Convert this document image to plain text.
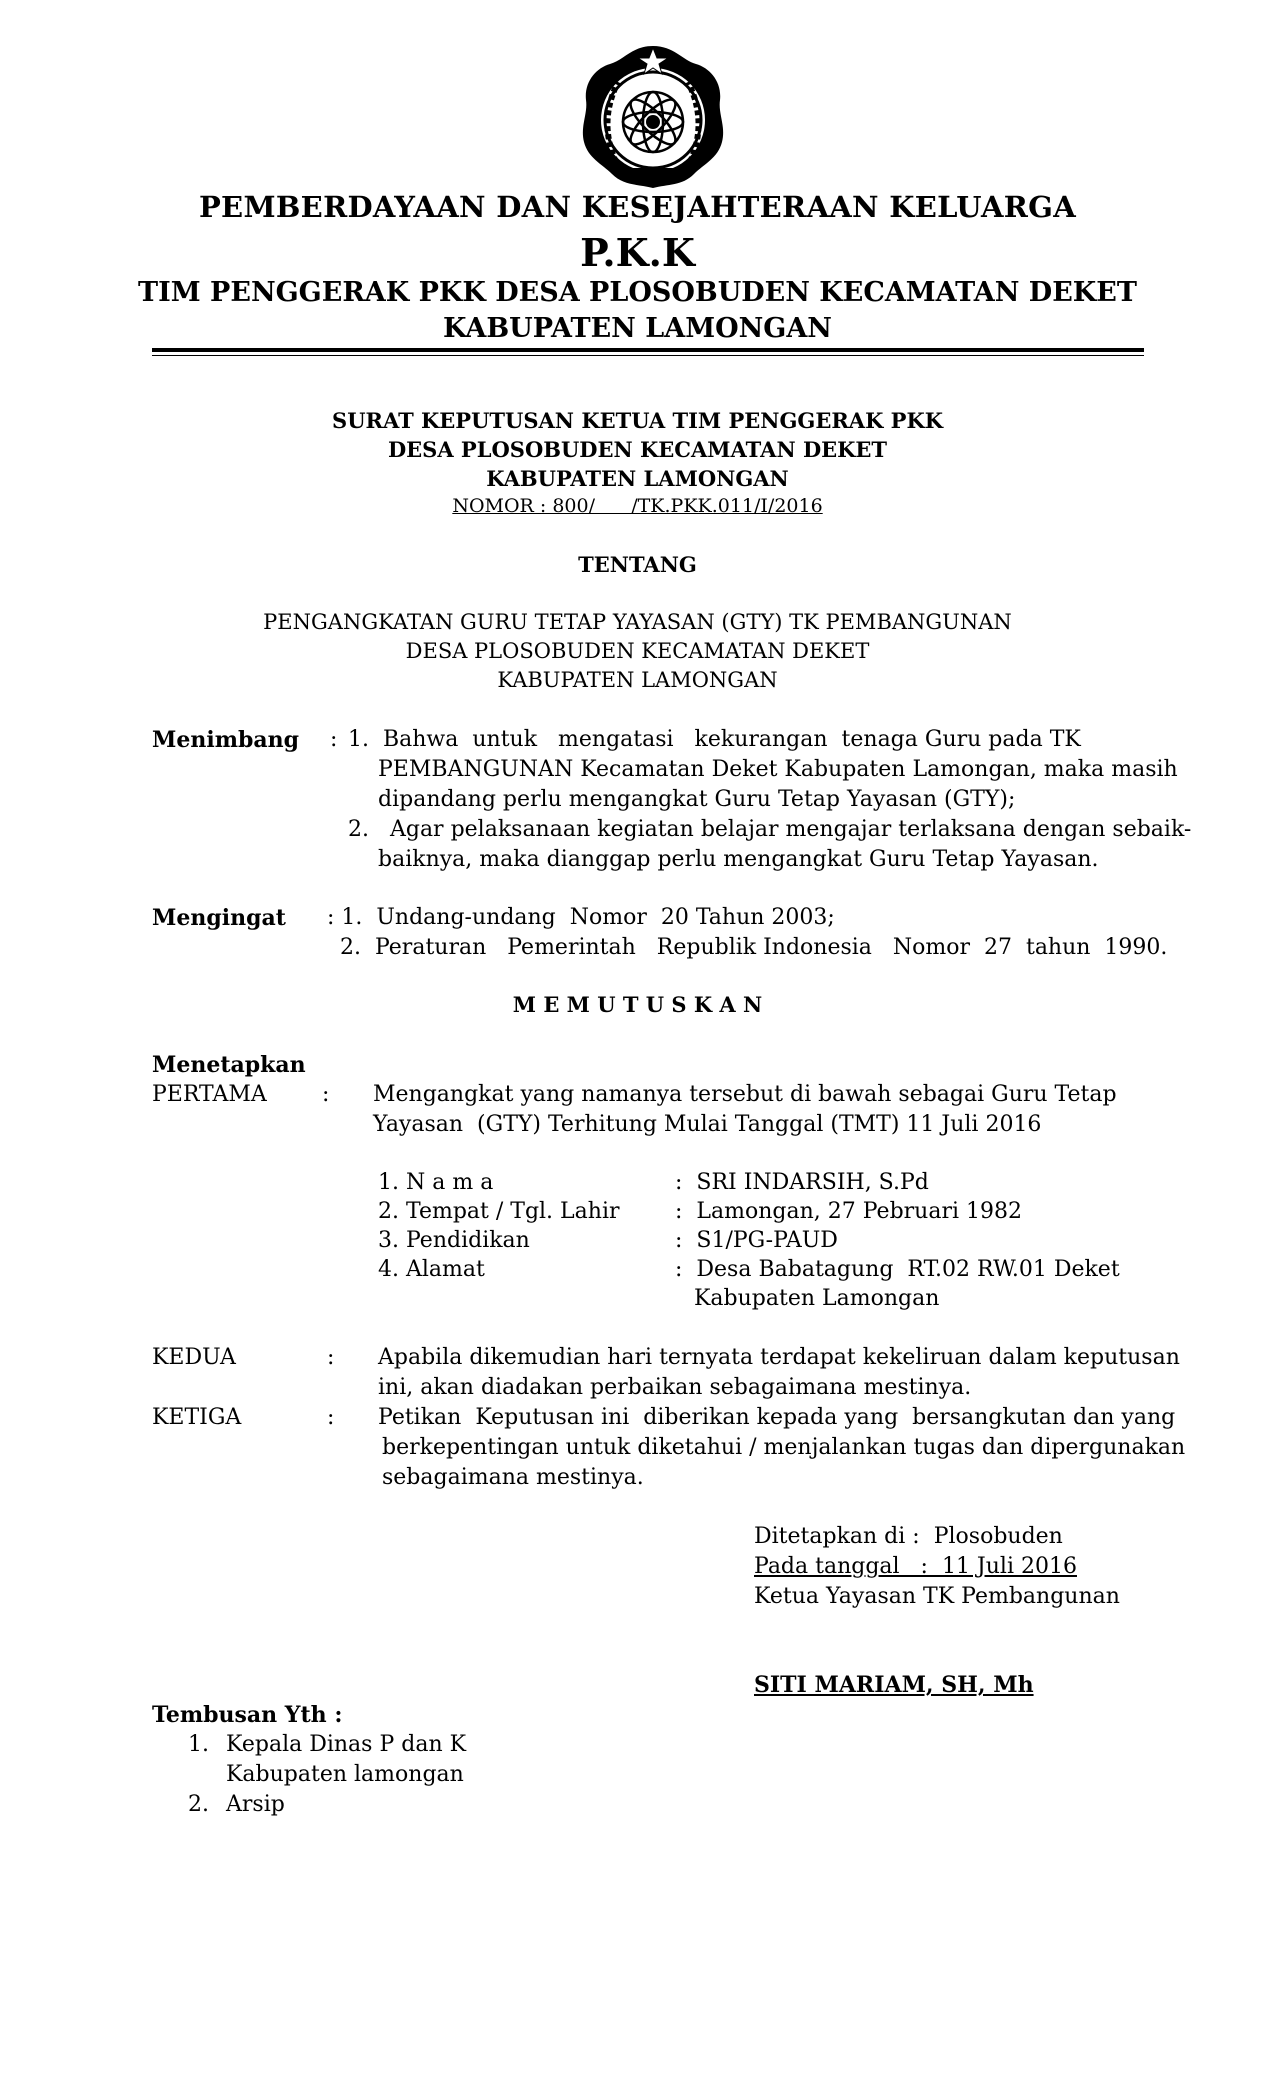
PEMBERDAYAAN DAN KESEJAHTERAAN KELUARGA
P.K.K
TIM PENGGERAK PKK DESA PLOSOBUDEN KECAMATAN DEKET
KABUPATEN LAMONGAN
SURAT KEPUTUSAN KETUA TIM PENGGERAK PKK
DESA PLOSOBUDEN KECAMATAN DEKET
KABUPATEN LAMONGAN
NOMOR : 800/      /TK.PKK.011/I/2016
TENTANG
PENGANGKATAN GURU TETAP YAYASAN (GTY) TK PEMBANGUNAN
DESA PLOSOBUDEN KECAMATAN DEKET
KABUPATEN LAMONGAN
Menimbang : 1.  Bahwa  untuk   mengatasi   kekurangan  tenaga Guru pada TK
PEMBANGUNAN Kecamatan Deket Kabupaten Lamongan, maka masih
dipandang perlu mengangkat Guru Tetap Yayasan (GTY);
2.   Agar pelaksanaan kegiatan belajar mengajar terlaksana dengan sebaik-
baiknya, maka dianggap perlu mengangkat Guru Tetap Yayasan.
Mengingat : 1.  Undang-undang  Nomor  20 Tahun 2003;
2.  Peraturan   Pemerintah   Republik Indonesia   Nomor  27  tahun  1990.
M E M U T U S K A N
Menetapkan
PERTAMA	: Mengangkat yang namanya tersebut di bawah sebagai Guru Tetap
Yayasan  (GTY) Terhitung Mulai Tanggal (TMT) 11 Juli 2016
1. N a m a	:  SRI INDARSIH, S.Pd
2. Tempat / Tgl. Lahir	:  Lamongan, 27 Pebruari 1982
3. Pendidikan	:  S1/PG-PAUD
4. Alamat	:  Desa Babatagung  RT.02 RW.01 Deket
Kabupaten Lamongan
KEDUA	: Apabila dikemudian hari ternyata terdapat kekeliruan dalam keputusan
ini, akan diadakan perbaikan sebagaimana mestinya.
KETIGA	: Petikan  Keputusan ini  diberikan kepada yang  bersangkutan dan yang
berkepentingan untuk diketahui / menjalankan tugas dan dipergunakan
sebagaimana mestinya.
Ditetapkan di :  Plosobuden
Pada tanggal   :  11 Juli 2016
Ketua Yayasan TK Pembangunan
SITI MARIAM, SH, Mh
Tembusan Yth :
1. Kepala Dinas P dan K
Kabupaten lamongan
2. Arsip
